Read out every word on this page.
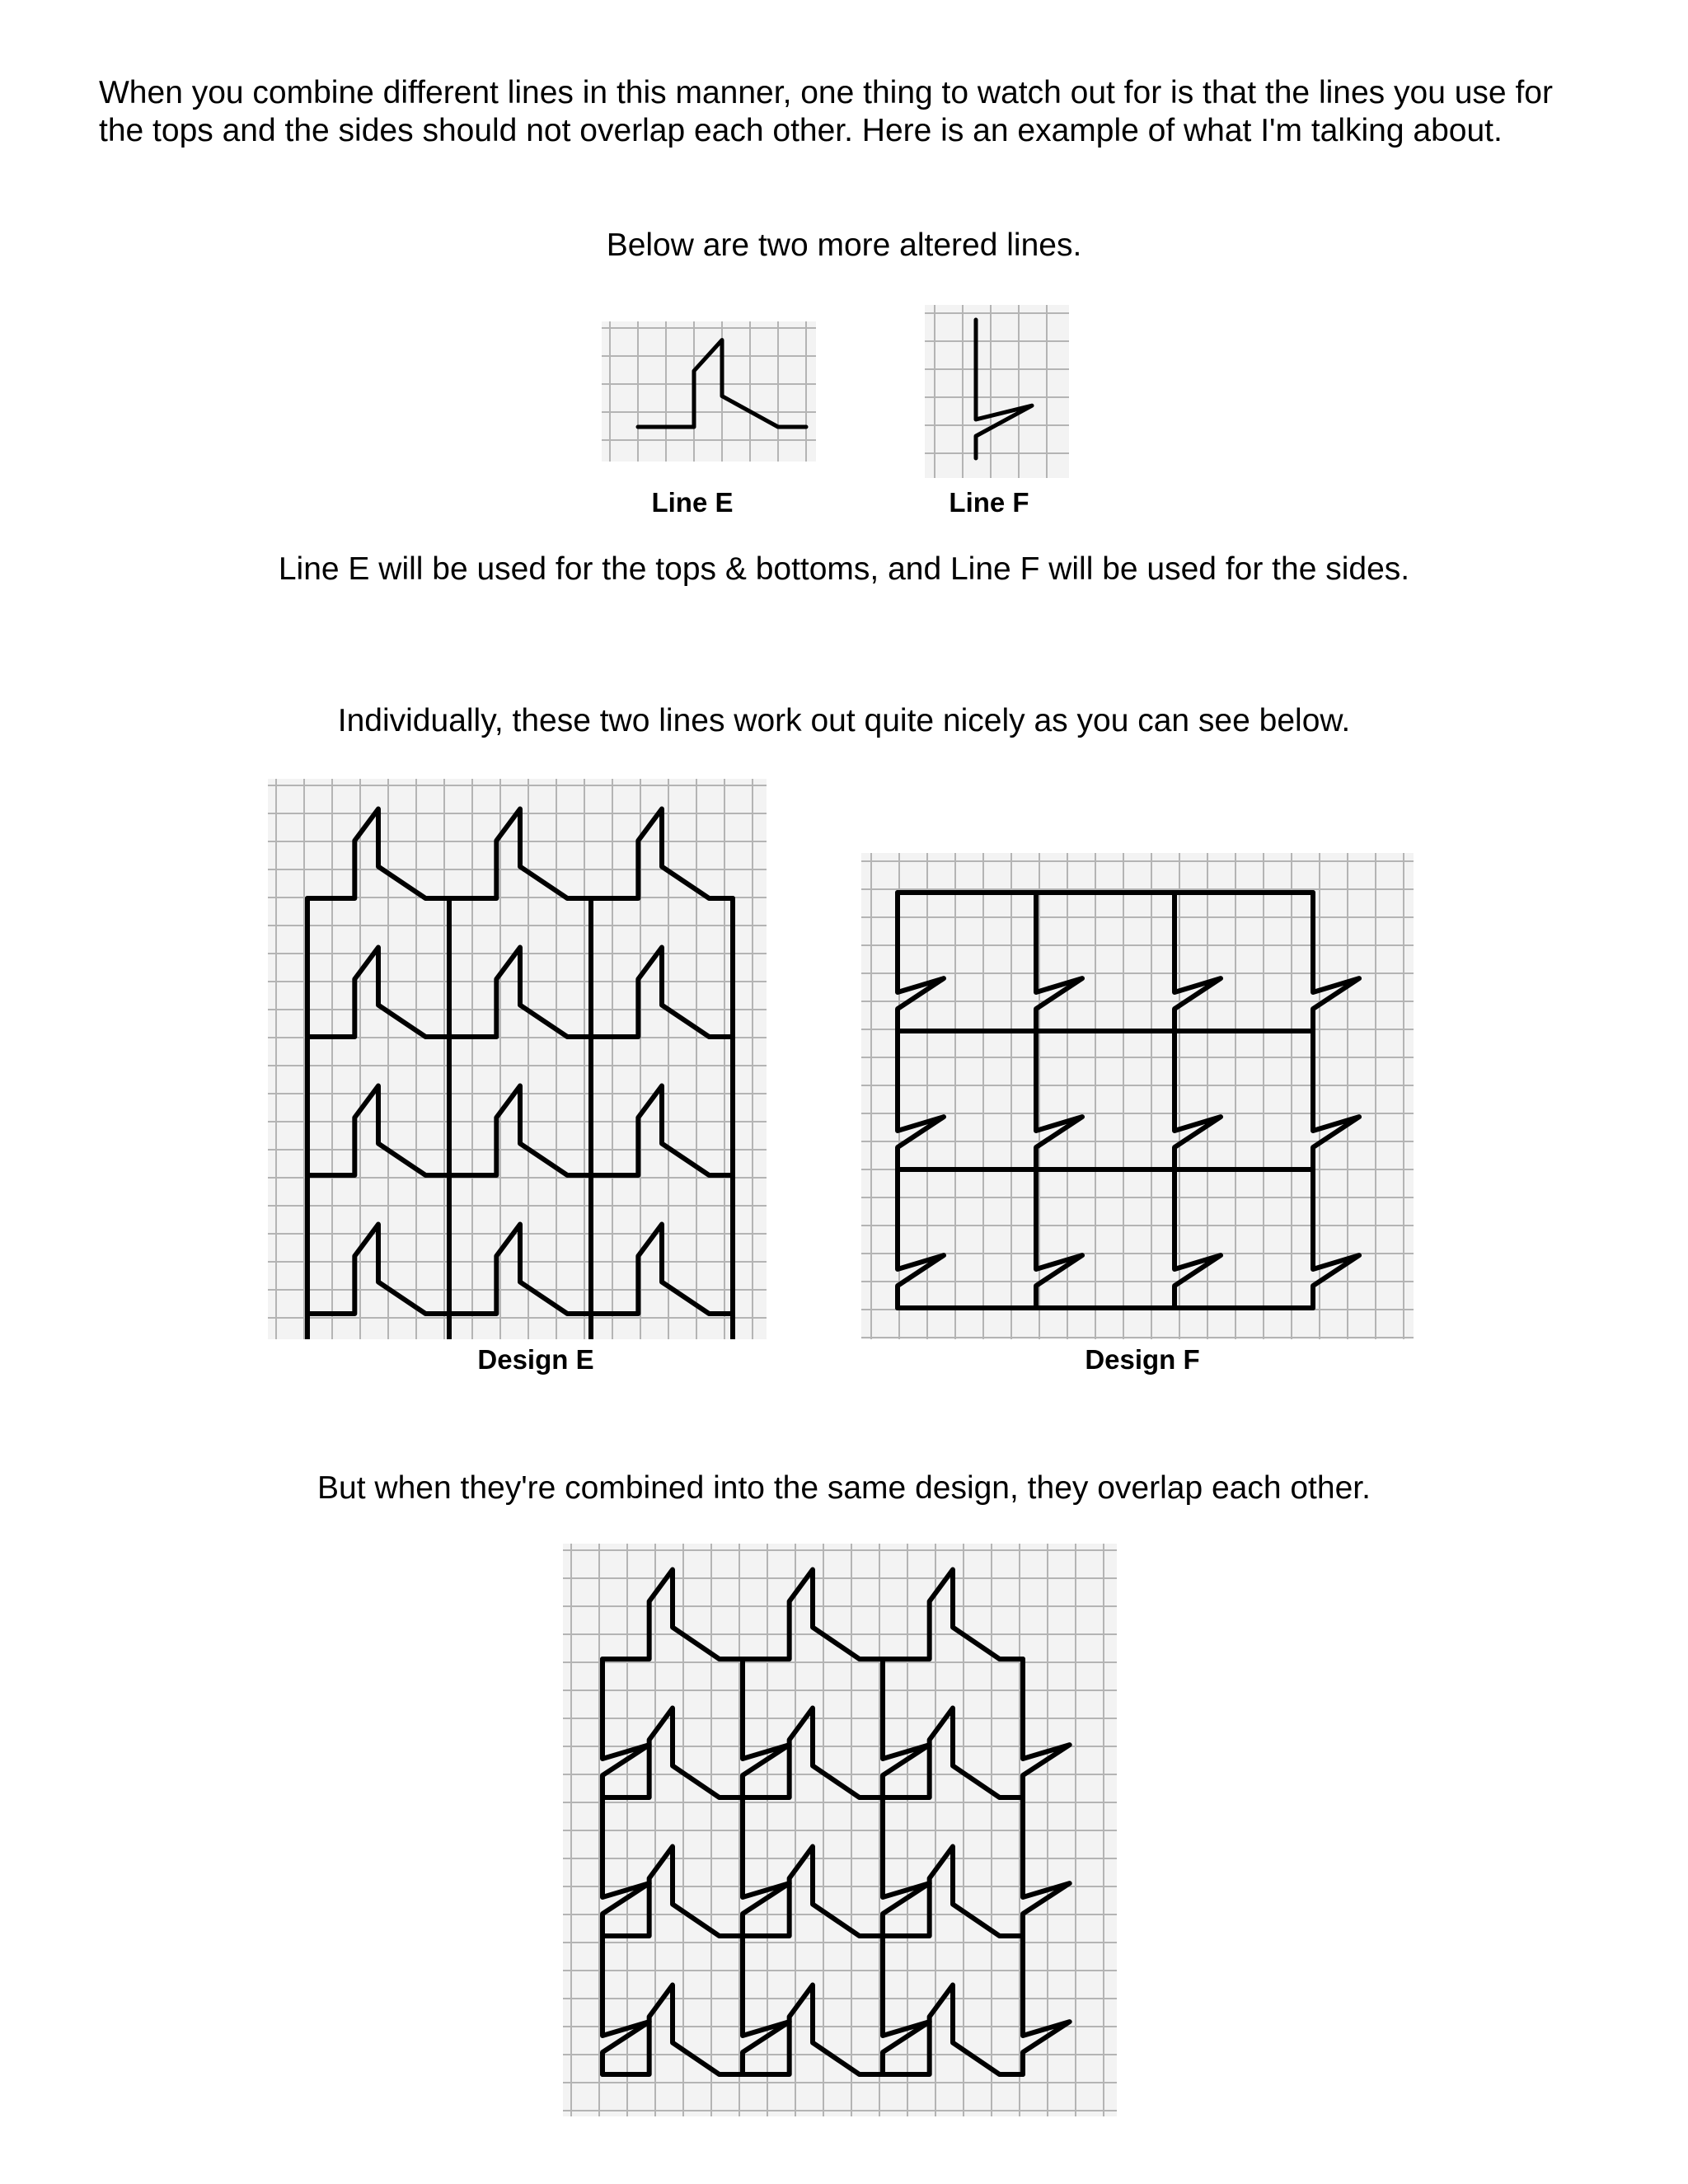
When you combine different lines in this manner, one thing to watch out for is that the lines you use for the tops and the sides should not overlap each other. Here is an example of what I'm talking about.

Below are two more altered lines.

Line E	Line F

Line E will be used for the tops & bottoms, and Line F will be used for the sides.

Individually, these two lines work out quite nicely as you can see below.

Design E	Design F

But when they're combined into the same design, they overlap each other.
